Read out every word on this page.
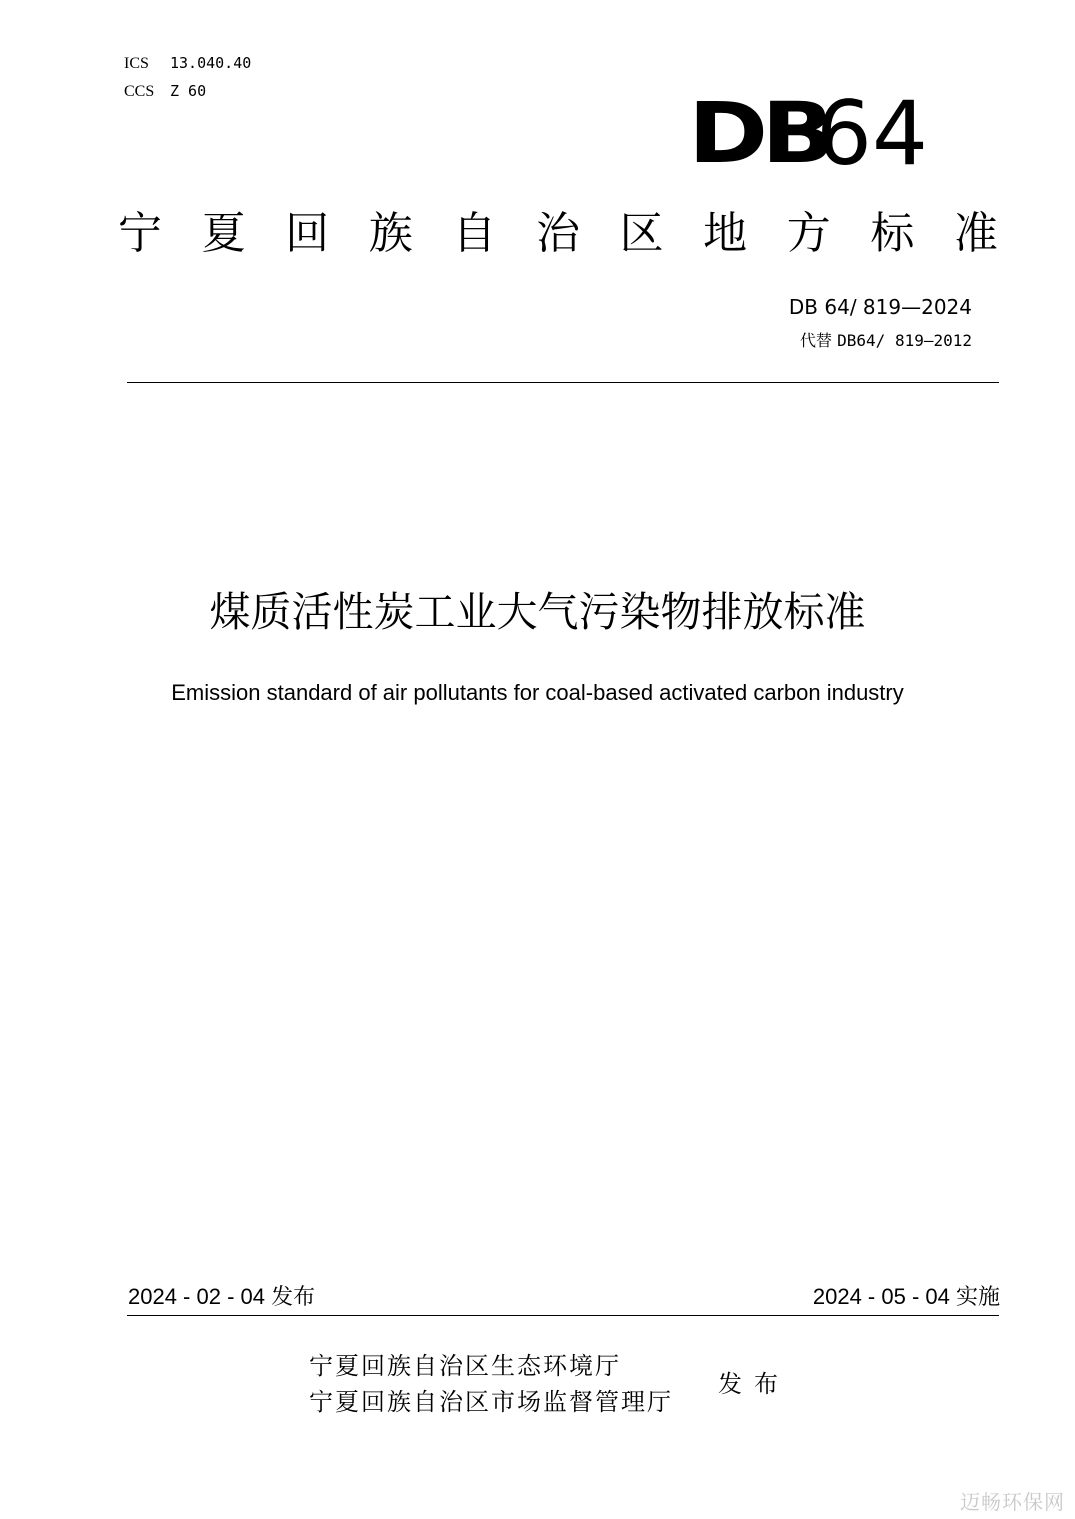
ICS 13.040.40
CCS Z 60	DB
64
宁 夏 回 族 自 治 区 地 方 标 准
DB 64/ 819—2024
代替 DB64/ 819—2012
煤质活性炭工业大气污染物排放标准
Emission standard of air pollutants for coal-based activated carbon industry
2024 - 02 - 04 发布	2024 - 05 - 04 实施
宁夏回族自治区生态环境厅
宁夏回族自治区市场监督管理厅
发布
迈畅环保网
